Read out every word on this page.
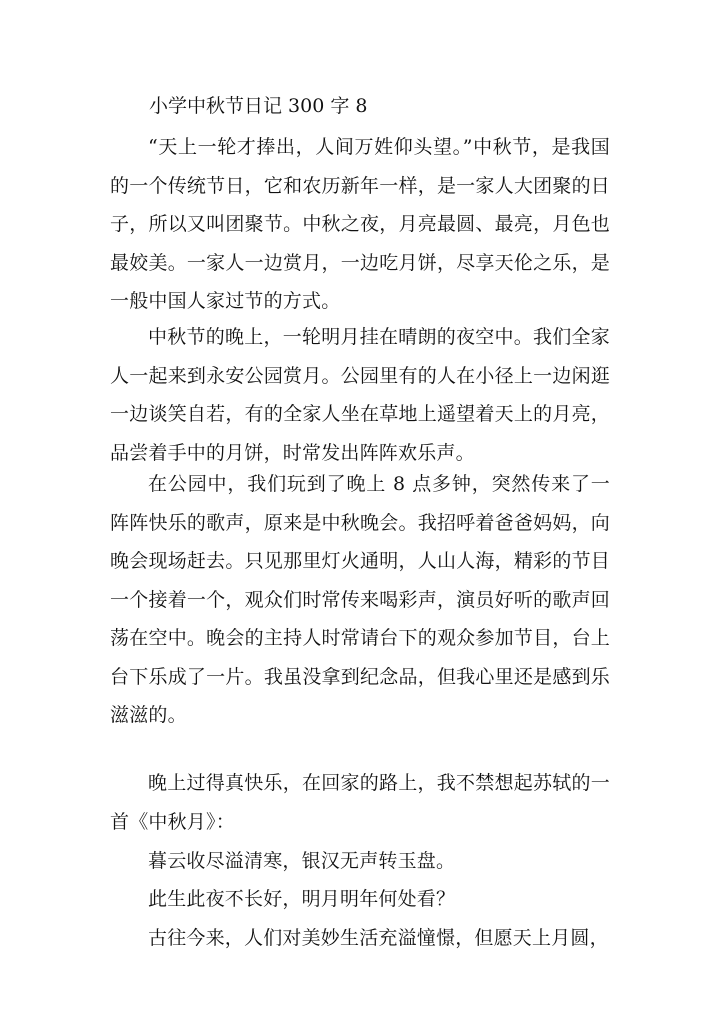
小学中秋节日记 300 字 8

“天上一轮才捧出，人间万姓仰头望。”中秋节，是我国的一个传统节日，它和农历新年一样，是一家人大团聚的日子，所以又叫团聚节。中秋之夜，月亮最圆、最亮，月色也最姣美。一家人一边赏月，一边吃月饼，尽享天伦之乐，是一般中国人家过节的方式。

中秋节的晚上，一轮明月挂在晴朗的夜空中。我们全家人一起来到永安公园赏月。公园里有的人在小径上一边闲逛一边谈笑自若，有的全家人坐在草地上遥望着天上的月亮，品尝着手中的月饼，时常发出阵阵欢乐声。

在公园中，我们玩到了晚上 8 点多钟，突然传来了一阵阵快乐的歌声，原来是中秋晚会。我招呼着爸爸妈妈，向晚会现场赶去。只见那里灯火通明，人山人海，精彩的节目一个接着一个，观众们时常传来喝彩声，演员好听的歌声回荡在空中。晚会的主持人时常请台下的观众参加节目，台上台下乐成了一片。我虽没拿到纪念品，但我心里还是感到乐滋滋的。

晚上过得真快乐，在回家的路上，我不禁想起苏轼的一首《中秋月》：

暮云收尽溢清寒，银汉无声转玉盘。
此生此夜不长好，明月明年何处看？
古往今来，人们对美妙生活充溢憧憬，但愿天上月圆，
